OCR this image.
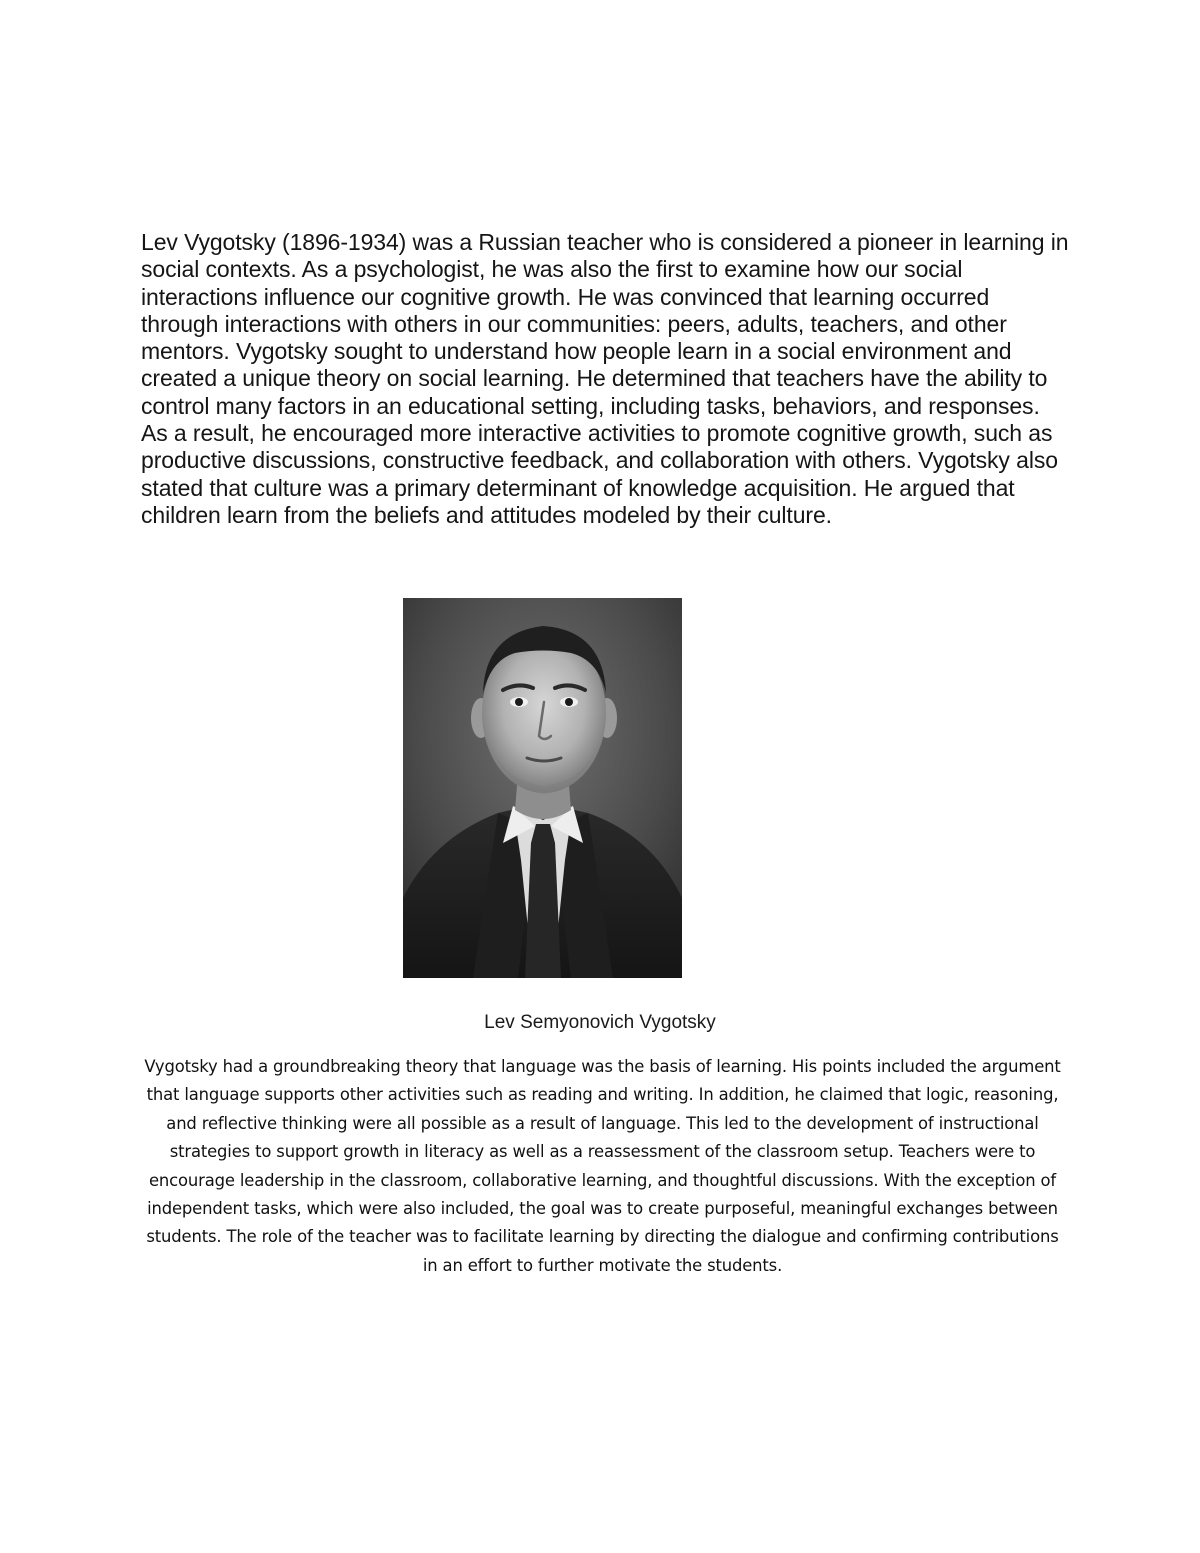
Lev Vygotsky (1896-1934) was a Russian teacher who is considered a pioneer in learning in social contexts. As a psychologist, he was also the first to examine how our social interactions influence our cognitive growth. He was convinced that learning occurred through interactions with others in our communities: peers, adults, teachers, and other mentors. Vygotsky sought to understand how people learn in a social environment and created a unique theory on social learning. He determined that teachers have the ability to control many factors in an educational setting, including tasks, behaviors, and responses. As a result, he encouraged more interactive activities to promote cognitive growth, such as productive discussions, constructive feedback, and collaboration with others. Vygotsky also stated that culture was a primary determinant of knowledge acquisition. He argued that children learn from the beliefs and attitudes modeled by their culture.

Lev Semyonovich Vygotsky

Vygotsky had a groundbreaking theory that language was the basis of learning. His points included the argument that language supports other activities such as reading and writing. In addition, he claimed that logic, reasoning, and reflective thinking were all possible as a result of language. This led to the development of instructional strategies to support growth in literacy as well as a reassessment of the classroom setup. Teachers were to encourage leadership in the classroom, collaborative learning, and thoughtful discussions. With the exception of independent tasks, which were also included, the goal was to create purposeful, meaningful exchanges between students. The role of the teacher was to facilitate learning by directing the dialogue and confirming contributions in an effort to further motivate the students.
